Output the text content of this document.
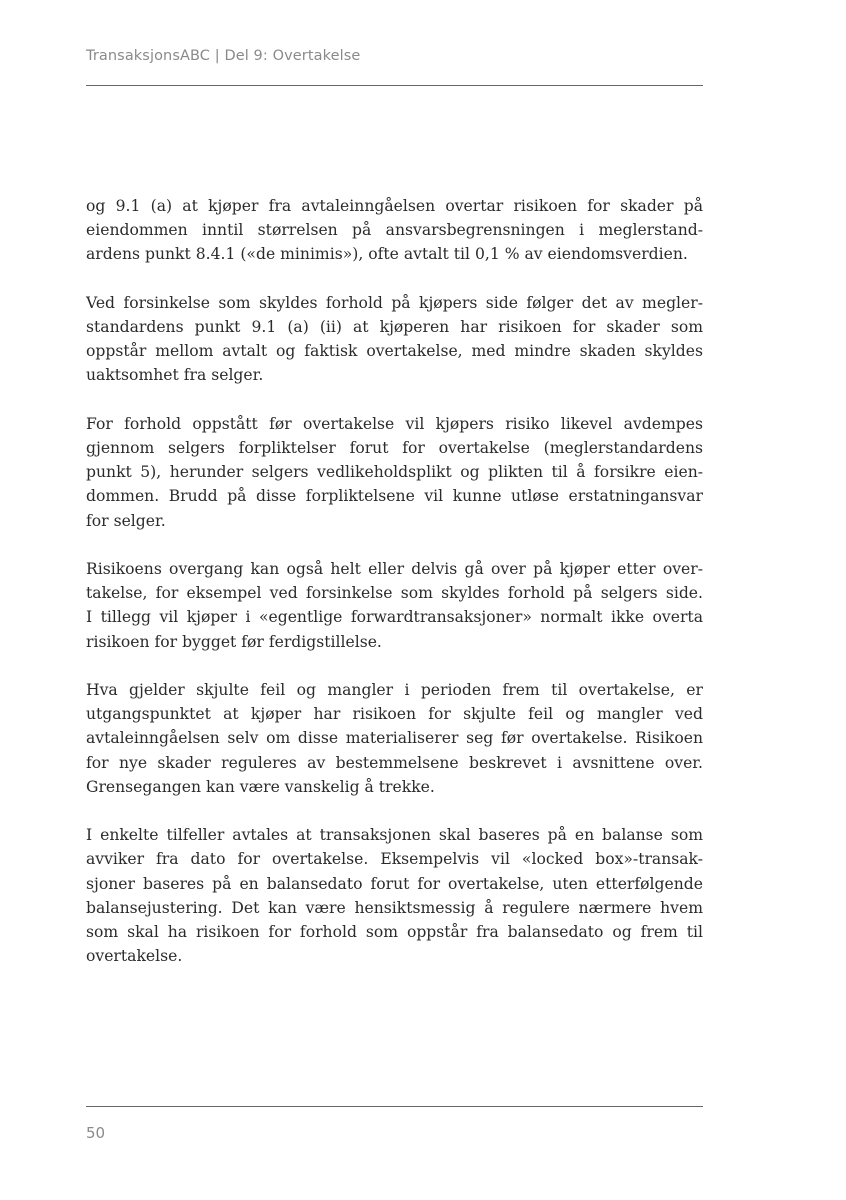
TransaksjonsABC | Del 9: Overtakelse

og 9.1 (a) at kjøper fra avtaleinngåelsen overtar risikoen for skader på
eiendommen inntil størrelsen på ansvarsbegrensningen i meglerstand-
ardens punkt 8.4.1 («de minimis»), ofte avtalt til 0,1 % av eiendomsverdien.

Ved forsinkelse som skyldes forhold på kjøpers side følger det av megler-
standardens punkt 9.1 (a) (ii) at kjøperen har risikoen for skader som
oppstår mellom avtalt og faktisk overtakelse, med mindre skaden skyldes
uaktsomhet fra selger.

For forhold oppstått før overtakelse vil kjøpers risiko likevel avdempes
gjennom selgers forpliktelser forut for overtakelse (meglerstandardens
punkt 5), herunder selgers vedlikeholdsplikt og plikten til å forsikre eien-
dommen. Brudd på disse forpliktelsene vil kunne utløse erstatningansvar
for selger.

Risikoens overgang kan også helt eller delvis gå over på kjøper etter over-
takelse, for eksempel ved forsinkelse som skyldes forhold på selgers side.
I tillegg vil kjøper i «egentlige forwardtransaksjoner» normalt ikke overta
risikoen for bygget før ferdigstillelse.

Hva gjelder skjulte feil og mangler i perioden frem til overtakelse, er
utgangspunktet at kjøper har risikoen for skjulte feil og mangler ved
avtaleinngåelsen selv om disse materialiserer seg før overtakelse. Risikoen
for nye skader reguleres av bestemmelsene beskrevet i avsnittene over.
Grensegangen kan være vanskelig å trekke.

I enkelte tilfeller avtales at transaksjonen skal baseres på en balanse som
avviker fra dato for overtakelse. Eksempelvis vil «locked box»-transak-
sjoner baseres på en balansedato forut for overtakelse, uten etterfølgende
balansejustering. Det kan være hensiktsmessig å regulere nærmere hvem
som skal ha risikoen for forhold som oppstår fra balansedato og frem til
overtakelse.

50
